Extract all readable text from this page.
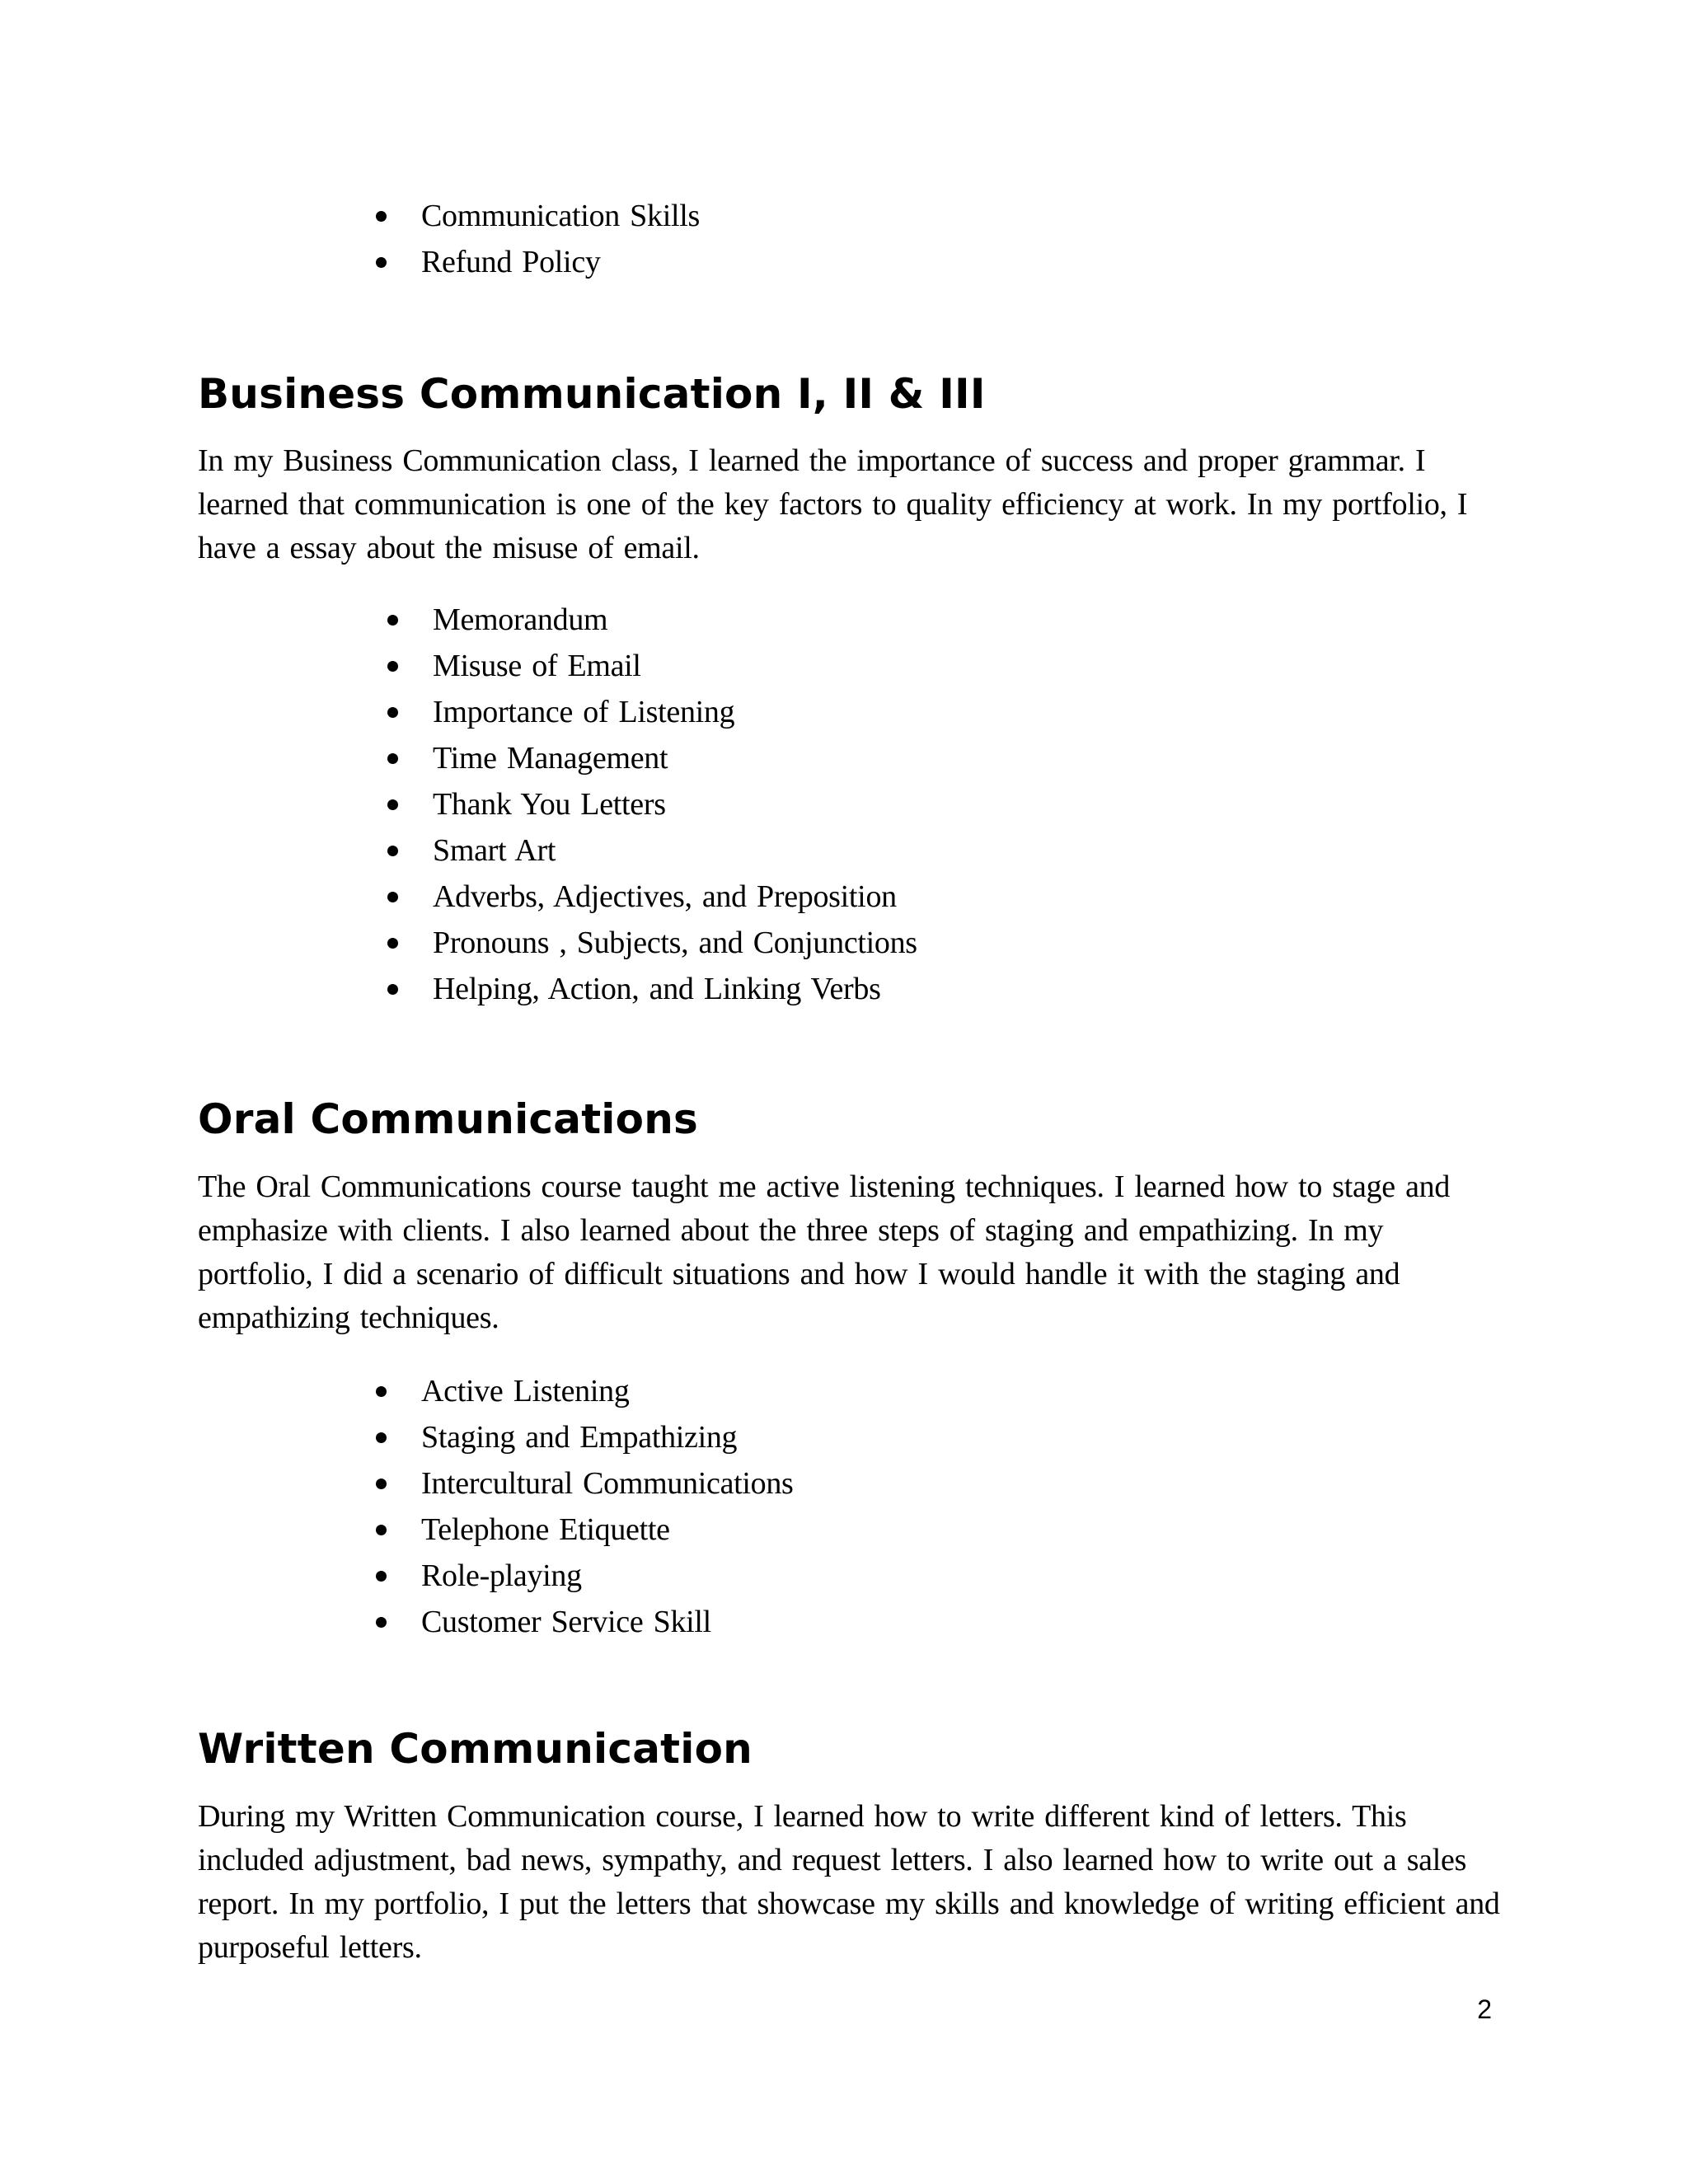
Communication Skills
Refund Policy
Business Communication I, II & III

In my Business Communication class, I learned the importance of success and proper grammar. I learned that communication is one of the key factors to quality efficiency at work. In my portfolio, I have a essay about the misuse of email.

Memorandum
Misuse of Email
Importance of Listening
Time Management
Thank You Letters
Smart Art
Adverbs, Adjectives, and Preposition
Pronouns , Subjects, and Conjunctions
Helping, Action, and Linking Verbs
Oral Communications

The Oral Communications course taught me active listening techniques. I learned how to stage and emphasize with clients. I also learned about the three steps of staging and empathizing. In my portfolio, I did a scenario of difficult situations and how I would handle it with the staging and empathizing techniques.

Active Listening
Staging and Empathizing
Intercultural Communications
Telephone Etiquette
Role-playing
Customer Service Skill
Written Communication

During my Written Communication course, I learned how to write different kind of letters. This included adjustment, bad news, sympathy, and request letters. I also learned how to write out a sales report. In my portfolio, I put the letters that showcase my skills and knowledge of writing efficient and purposeful letters.

2
